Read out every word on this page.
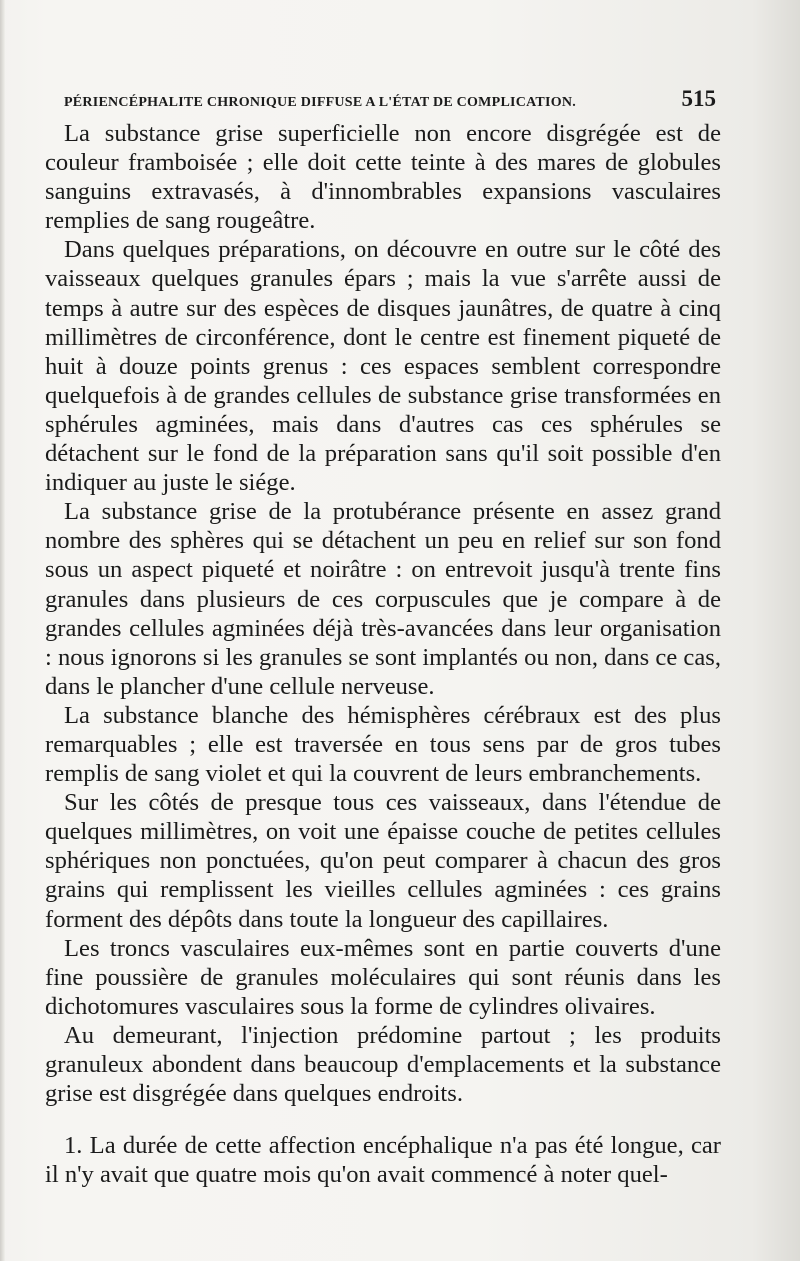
PÉRIENCÉPHALITE CHRONIQUE DIFFUSE A L'ÉTAT DE COMPLICATION.	515

La substance grise superficielle non encore disgrégée est de couleur framboisée ; elle doit cette teinte à des mares de globules sanguins extravasés, à d'innombrables expansions vasculaires remplies de sang rougeâtre.

Dans quelques préparations, on découvre en outre sur le côté des vaisseaux quelques granules épars ; mais la vue s'arrête aussi de temps à autre sur des espèces de disques jaunâtres, de quatre à cinq millimètres de circonférence, dont le centre est finement piqueté de huit à douze points grenus : ces espaces semblent correspondre quelquefois à de grandes cellules de substance grise transformées en sphérules agminées, mais dans d'autres cas ces sphérules se détachent sur le fond de la préparation sans qu'il soit possible d'en indiquer au juste le siége.

La substance grise de la protubérance présente en assez grand nombre des sphères qui se détachent un peu en relief sur son fond sous un aspect piqueté et noirâtre : on entrevoit jusqu'à trente fins granules dans plusieurs de ces corpuscules que je compare à de grandes cellules agminées déjà très-avancées dans leur organisation : nous ignorons si les granules se sont implantés ou non, dans ce cas, dans le plancher d'une cellule nerveuse.

La substance blanche des hémisphères cérébraux est des plus remarquables ; elle est traversée en tous sens par de gros tubes remplis de sang violet et qui la couvrent de leurs embranchements.

Sur les côtés de presque tous ces vaisseaux, dans l'étendue de quelques millimètres, on voit une épaisse couche de petites cellules sphériques non ponctuées, qu'on peut comparer à chacun des gros grains qui remplissent les vieilles cellules agminées : ces grains forment des dépôts dans toute la longueur des capillaires.

Les troncs vasculaires eux-mêmes sont en partie couverts d'une fine poussière de granules moléculaires qui sont réunis dans les dichotomures vasculaires sous la forme de cylindres olivaires.

Au demeurant, l'injection prédomine partout ; les produits granuleux abondent dans beaucoup d'emplacements et la substance grise est disgrégée dans quelques endroits.

1. La durée de cette affection encéphalique n'a pas été longue, car il n'y avait que quatre mois qu'on avait commencé à noter quel-
